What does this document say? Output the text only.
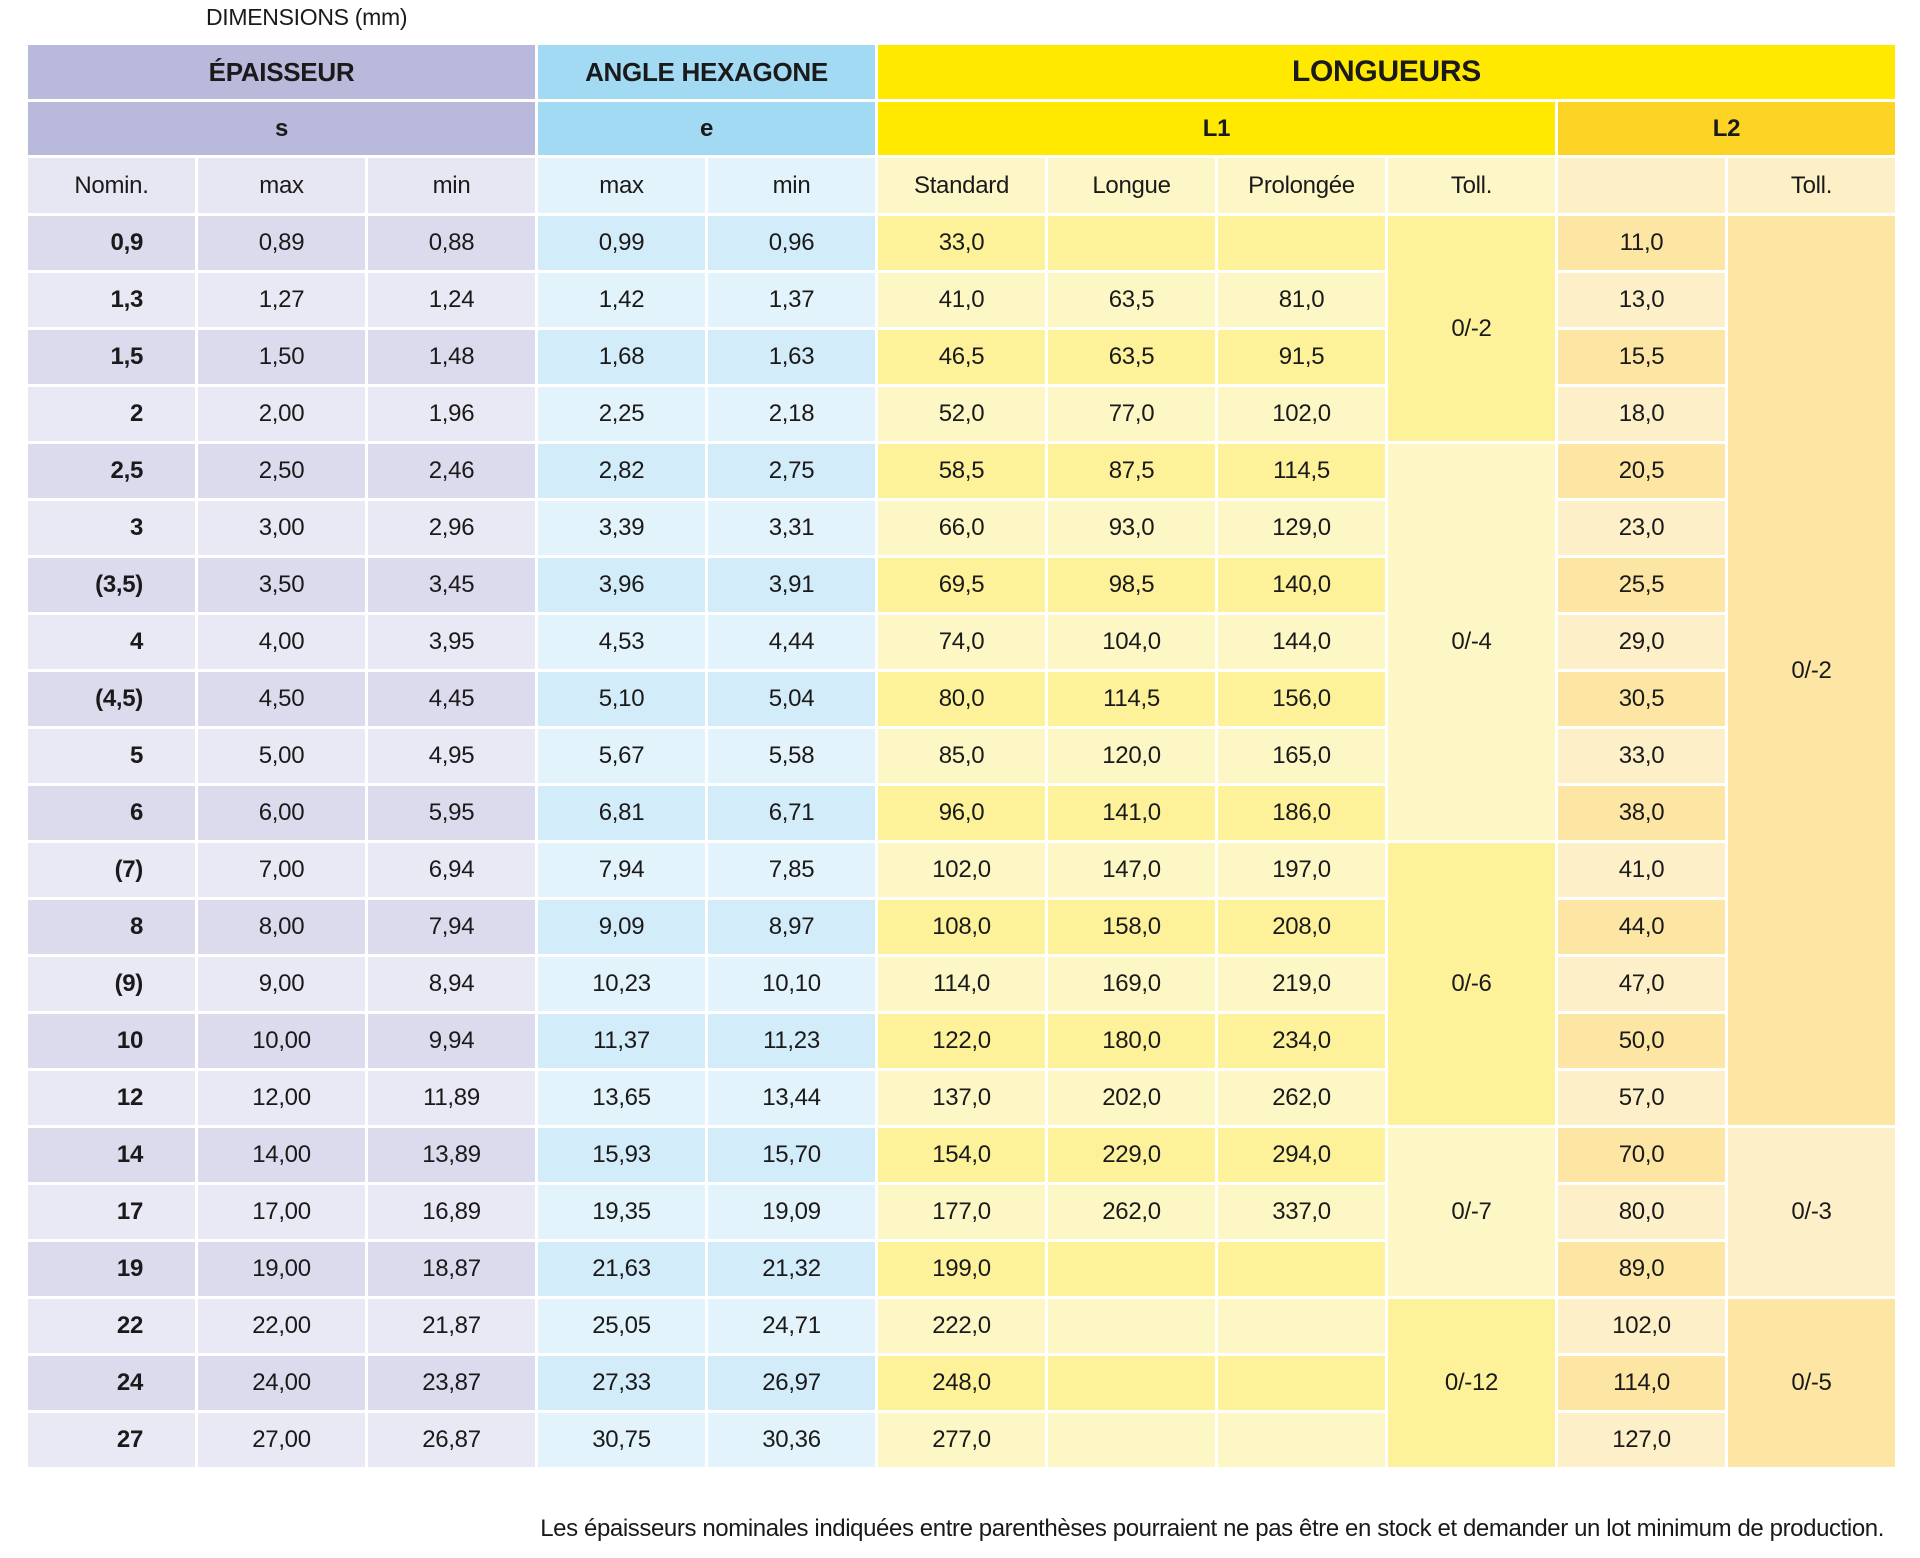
DIMENSIONS (mm)
ÉPAISSEUR			ANGLE HEXAGONE		LONGUEURS					
s			e		L1				L2	
Nomin.	max	min	max	min	Standard	Longue	Prolongée	Toll.		Toll.
0,9	0,89	0,88	0,99	0,96	33,0			0/-2	11,0	0/-2
1,3	1,27	1,24	1,42	1,37	41,0	63,5	81,0		13,0	
1,5	1,50	1,48	1,68	1,63	46,5	63,5	91,5		15,5	
2	2,00	1,96	2,25	2,18	52,0	77,0	102,0		18,0	
2,5	2,50	2,46	2,82	2,75	58,5	87,5	114,5	0/-4	20,5	
3	3,00	2,96	3,39	3,31	66,0	93,0	129,0		23,0	
(3,5)	3,50	3,45	3,96	3,91	69,5	98,5	140,0		25,5	
4	4,00	3,95	4,53	4,44	74,0	104,0	144,0		29,0	
(4,5)	4,50	4,45	5,10	5,04	80,0	114,5	156,0		30,5	
5	5,00	4,95	5,67	5,58	85,0	120,0	165,0		33,0	
6	6,00	5,95	6,81	6,71	96,0	141,0	186,0		38,0	
(7)	7,00	6,94	7,94	7,85	102,0	147,0	197,0	0/-6	41,0	
8	8,00	7,94	9,09	8,97	108,0	158,0	208,0		44,0	
(9)	9,00	8,94	10,23	10,10	114,0	169,0	219,0		47,0	
10	10,00	9,94	11,37	11,23	122,0	180,0	234,0		50,0	
12	12,00	11,89	13,65	13,44	137,0	202,0	262,0		57,0	
14	14,00	13,89	15,93	15,70	154,0	229,0	294,0	0/-7	70,0	0/-3
17	17,00	16,89	19,35	19,09	177,0	262,0	337,0		80,0	
19	19,00	18,87	21,63	21,32	199,0				89,0	
22	22,00	21,87	25,05	24,71	222,0			0/-12	102,0	0/-5
24	24,00	23,87	27,33	26,97	248,0				114,0	
27	27,00	26,87	30,75	30,36	277,0				127,0	
Les épaisseurs nominales indiquées entre parenthèses pourraient ne pas être en stock et demander un lot minimum de production.
